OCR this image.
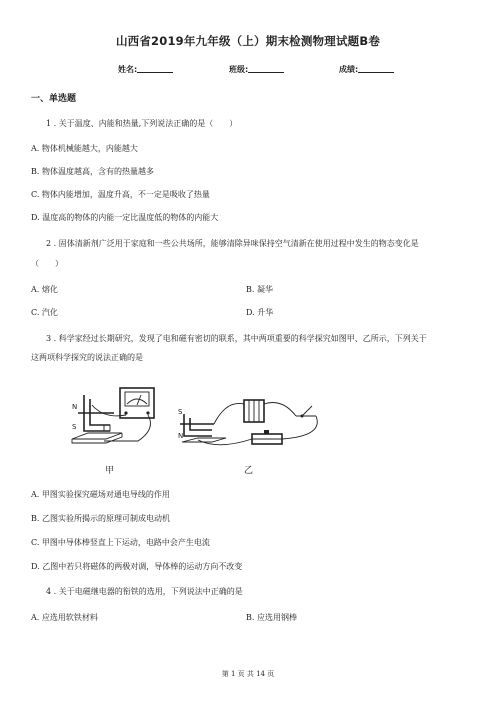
山西省2019年九年级（上）期末检测物理试题B卷
姓名:	班级:	成绩:
一、单选题
1 . 关于温度、内能和热量,下列说法正确的是（　　）
A. 物体机械能越大，内能越大
B. 物体温度越高，含有的热量越多
C. 物体内能增加，温度升高，不一定是吸收了热量
D. 温度高的物体的内能一定比温度低的物体的内能大
2 . 固体清新剂广泛用于家庭和一些公共场所，能够清除异味保持空气清新在使用过程中发生的物态变化是
（　　）
A. 熔化	B. 凝华
C. 汽化	D. 升华
3 . 科学家经过长期研究，发现了电和磁有密切的联系，其中两项重要的科学探究如图甲、乙所示，下列关于
这两项科学探究的说法正确的是
N
S
S
N
甲	乙
A. 甲图实验探究磁场对通电导线的作用
B. 乙图实验所揭示的原理可制成电动机
C. 甲图中导体棒竖直上下运动，电路中会产生电流
D. 乙图中若只将磁体的两极对调，导体棒的运动方向不改变
4 . 关于电磁继电器的衔铁的选用，下列说法中正确的是
A. 应选用软铁材料	B. 应选用钢棒
第 1 页 共 14 页
